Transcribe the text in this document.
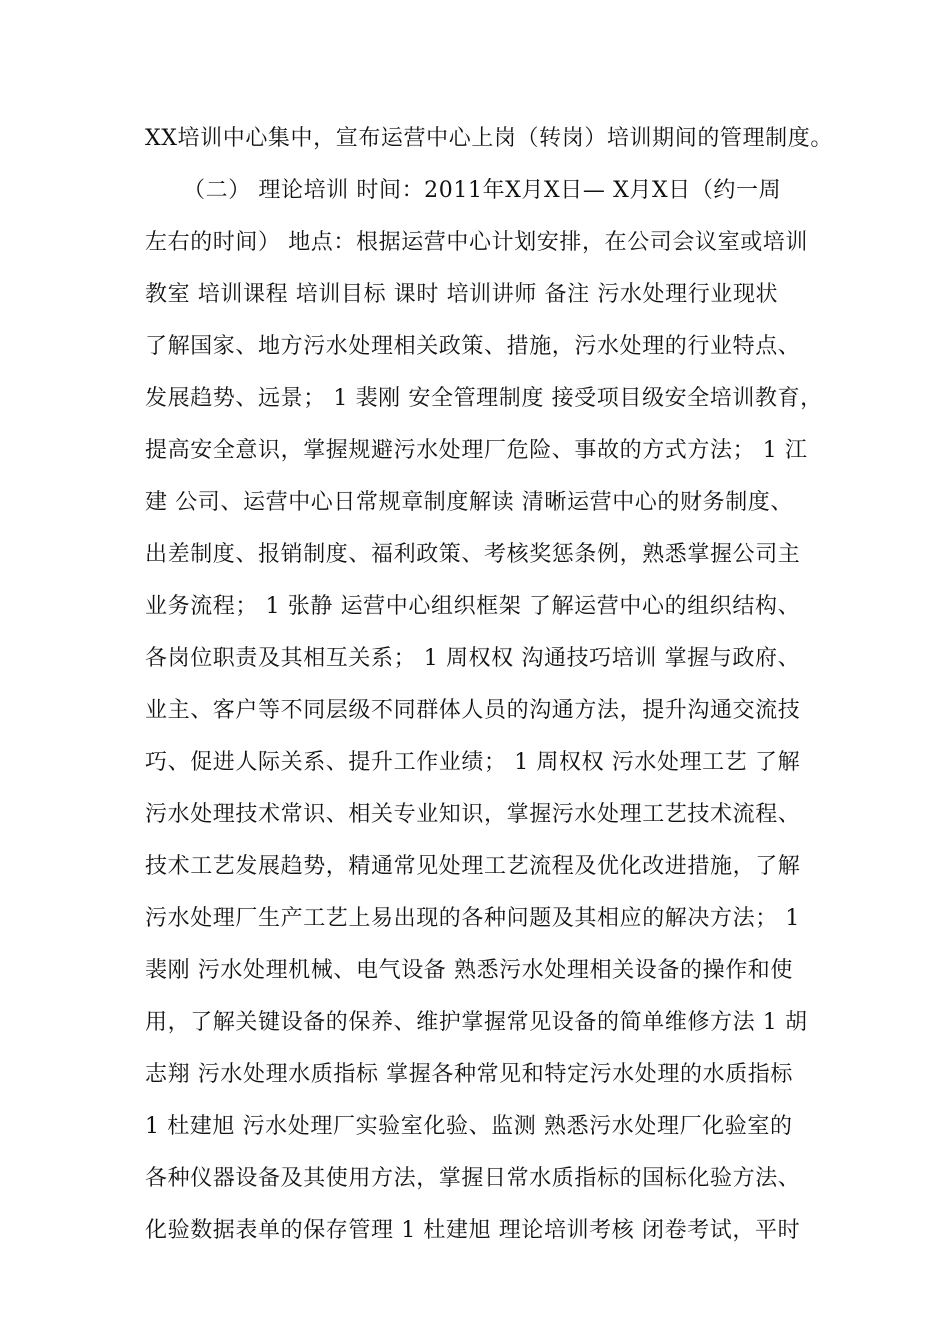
XX培训中心集中，宣布运营中心上岗（转岗）培训期间的管理制度。
（二） 理论培训 时间：2011年X月X日— X月X日（约一周
左右的时间） 地点：根据运营中心计划安排，在公司会议室或培训
教室 培训课程 培训目标 课时 培训讲师 备注 污水处理行业现状
了解国家、地方污水处理相关政策、措施，污水处理的行业特点、
发展趋势、远景； 1 裴刚 安全管理制度 接受项目级安全培训教育，
提高安全意识，掌握规避污水处理厂危险、事故的方式方法； 1 江
建 公司、运营中心日常规章制度解读 清晰运营中心的财务制度、
出差制度、报销制度、福利政策、考核奖惩条例，熟悉掌握公司主
业务流程； 1 张静 运营中心组织框架 了解运营中心的组织结构、
各岗位职责及其相互关系； 1 周权权 沟通技巧培训 掌握与政府、
业主、客户等不同层级不同群体人员的沟通方法，提升沟通交流技
巧、促进人际关系、提升工作业绩； 1 周权权 污水处理工艺 了解
污水处理技术常识、相关专业知识，掌握污水处理工艺技术流程、
技术工艺发展趋势，精通常见处理工艺流程及优化改进措施，了解
污水处理厂生产工艺上易出现的各种问题及其相应的解决方法； 1
裴刚 污水处理机械、电气设备 熟悉污水处理相关设备的操作和使
用，了解关键设备的保养、维护掌握常见设备的简单维修方法 1 胡
志翔 污水处理水质指标 掌握各种常见和特定污水处理的水质指标
1 杜建旭 污水处理厂实验室化验、监测 熟悉污水处理厂化验室的
各种仪器设备及其使用方法，掌握日常水质指标的国标化验方法、
化验数据表单的保存管理 1 杜建旭 理论培训考核 闭卷考试，平时
